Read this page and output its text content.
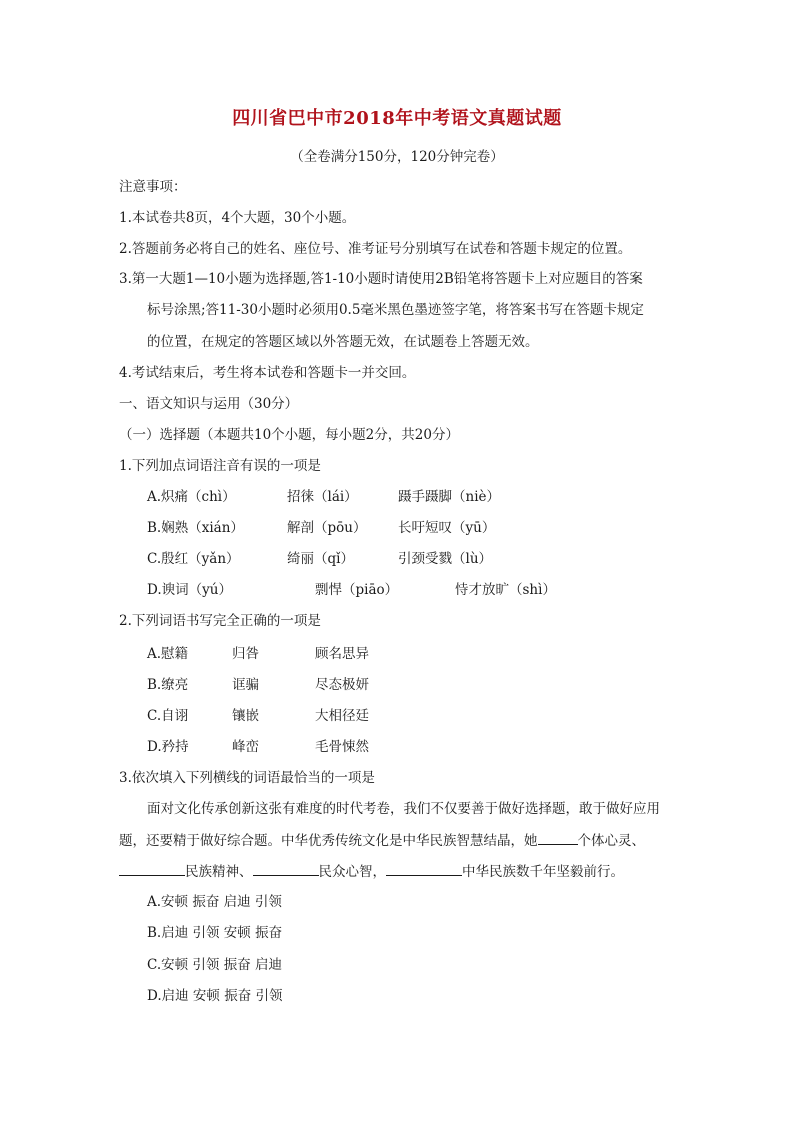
四川省巴中市2018年中考语文真题试题
（全卷满分150分，120分钟完卷）
注意事项：
1.本试卷共8页，4个大题，30个小题。
2.答题前务必将自己的姓名、座位号、准考证号分别填写在试卷和答题卡规定的位置。
3.第一大题1—10小题为选择题,答1-10小题时请使用2B铅笔将答题卡上对应题目的答案
标号涂黑;答11-30小题时必须用0.5毫米黑色墨迹签字笔，将答案书写在答题卡规定
的位置，在规定的答题区域以外答题无效，在试题卷上答题无效。
4.考试结束后，考生将本试卷和答题卡一并交回。
一、语文知识与运用（30分）
（一）选择题（本题共10个小题，每小题2分，共20分）
1.下列加点词语注音有误的一项是
A.炽痛（chì）	招徕（lái）	蹑手蹑脚（niè）
B.娴熟（xián）	解剖（pōu） 长吁短叹（yū）
C.殷红（yǎn）	绮丽（qǐ）	引颈受戮（lù）
D.谀词（yú）	剽悍（piāo）	恃才放旷（shì）
2.下列词语书写完全正确的一项是
A.慰籍	归咎	顾名思异
B.缭亮	诓骗	尽态极妍
C.自诩	镶嵌	大相径廷
D.矜持	峰峦	毛骨悚然
3.依次填入下列横线的词语最恰当的一项是
面对文化传承创新这张有难度的时代考卷，我们不仅要善于做好选择题，敢于做好应用
题，还要精于做好综合题。中华优秀传统文化是中华民族智慧结晶，她	个体心灵、
民族精神、	民众心智，	中华民族数千年坚毅前行。
A.安顿 振奋 启迪 引领
B.启迪 引领 安顿 振奋
C.安顿 引领 振奋 启迪
D.启迪 安顿 振奋 引领
